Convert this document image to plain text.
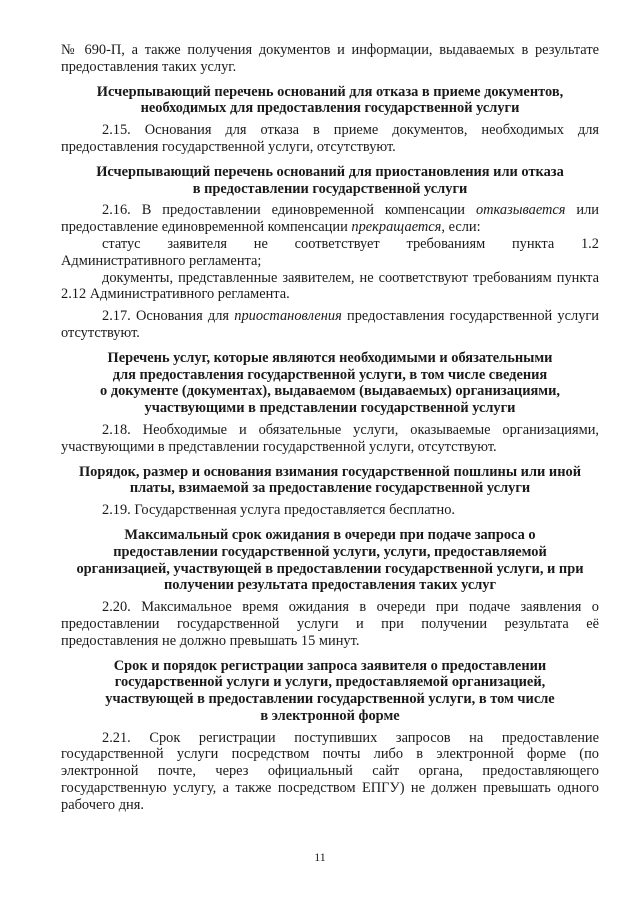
№ 690-П, а также получения документов и информации, выдаваемых в результате предоставления таких услуг.

Исчерпывающий перечень оснований для отказа в приеме документов,
необходимых для предоставления государственной услуги

2.15. Основания для отказа в приеме документов, необходимых для предоставления государственной услуги, отсутствуют.

Исчерпывающий перечень оснований для приостановления или отказа
в предоставлении государственной услуги

2.16. В предоставлении единовременной компенсации отказывается или предоставление единовременной компенсации прекращается, если:

статус заявителя не соответствует требованиям пункта 1.2

Административного регламента;

документы, представленные заявителем, не соответствуют требованиям пункта 2.12 Административного регламента.

2.17. Основания для приостановления предоставления государственной услуги отсутствуют.

Перечень услуг, которые являются необходимыми и обязательными
для предоставления государственной услуги, в том числе сведения
о документе (документах), выдаваемом (выдаваемых) организациями,
участвующими в представлении государственной услуги

2.18. Необходимые и обязательные услуги, оказываемые организациями, участвующими в представлении государственной услуги, отсутствуют.

Порядок, размер и основания взимания государственной пошлины или иной
платы, взимаемой за предоставление государственной услуги

2.19. Государственная услуга предоставляется бесплатно.

Максимальный срок ожидания в очереди при подаче запроса о
предоставлении государственной услуги, услуги, предоставляемой
организацией, участвующей в предоставлении государственной услуги, и при
получении результата предоставления таких услуг

2.20. Максимальное время ожидания в очереди при подаче заявления о предоставлении государственной услуги и при получении результата её предоставления не должно превышать 15 минут.

Срок и порядок регистрации запроса заявителя о предоставлении
государственной услуги и услуги, предоставляемой организацией,
участвующей в предоставлении государственной услуги, в том числе
в электронной форме

2.21. Срок регистрации поступивших запросов на предоставление государственной услуги посредством почты либо в электронной форме (по электронной почте, через официальный сайт органа, предоставляющего государственную услугу, а также посредством ЕПГУ) не должен превышать одного рабочего дня.

11
